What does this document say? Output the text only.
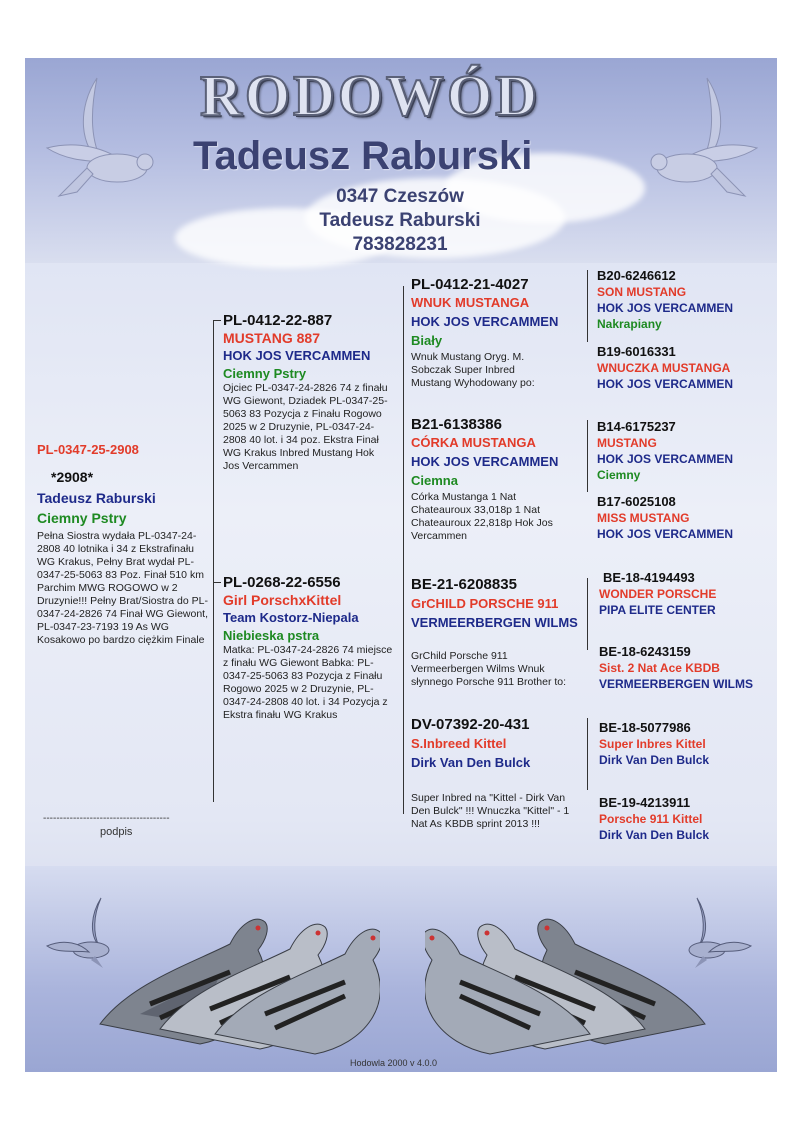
RODOWÓD
Tadeusz Raburski
0347 Czeszów
Tadeusz Raburski
783828231
PL-0347-25-2908
*2908*
Tadeusz Raburski
Ciemny Pstry
Pełna Siostra wydała PL-0347-24-2808 40 lotnika i 34 z Ekstrafinału WG Krakus, Pełny Brat wydał PL-0347-25-5063 83 Poz. Finał 510 km Parchim MWG ROGOWO w 2 Druzynie!!! Pełny Brat/Siostra do PL-0347-24-2826 74 Finał WG Giewont, PL-0347-23-7193 19 As WG Kosakowo po bardzo ciężkim Finale
--------------------------------------
podpis
PL-0412-22-887
MUSTANG 887
HOK JOS VERCAMMEN
Ciemny Pstry
Ojciec PL-0347-24-2826 74 z finału WG Giewont, Dziadek PL-0347-25-5063 83 Pozycja z Finału Rogowo 2025 w 2 Druzynie, PL-0347-24-2808 40 lot. i 34 poz. Ekstra Finał WG Krakus Inbred Mustang Hok Jos Vercammen
PL-0268-22-6556
Girl PorschxKittel
Team Kostorz-Niepala
Niebieska pstra
Matka: PL-0347-24-2826 74 miejsce z finału WG Giewont Babka: PL-0347-25-5063 83 Pozycja z Finału Rogowo 2025 w 2 Druzynie, PL-0347-24-2808 40 lot. i 34 Pozycja z Ekstra finału WG Krakus
PL-0412-21-4027
WNUK MUSTANGA
HOK JOS VERCAMMEN
Biały
Wnuk Mustang Oryg. M. Sobczak Super Inbred Mustang Wyhodowany po:
B21-6138386
CÓRKA MUSTANGA
HOK JOS VERCAMMEN
Ciemna
Córka Mustanga 1 Nat Chateauroux 33,018p 1 Nat Chateauroux 22,818p Hok Jos Vercammen
BE-21-6208835
GrCHILD PORSCHE 911
VERMEERBERGEN WILMS
GrChild Porsche 911 Vermeerbergen Wilms Wnuk słynnego Porsche 911 Brother to:
DV-07392-20-431
S.Inbreed Kittel
Dirk Van Den Bulck
Super Inbred na "Kittel - Dirk Van Den Bulck" !!! Wnuczka "Kittel" - 1 Nat As KBDB sprint 2013 !!!
B20-6246612
SON MUSTANG
HOK JOS VERCAMMEN
Nakrapiany
B19-6016331
WNUCZKA MUSTANGA
HOK JOS VERCAMMEN
B14-6175237
MUSTANG
HOK JOS VERCAMMEN
Ciemny
B17-6025108
MISS MUSTANG
HOK JOS VERCAMMEN
BE-18-4194493
WONDER PORSCHE
PIPA ELITE CENTER
BE-18-6243159
Sist. 2 Nat Ace KBDB
VERMEERBERGEN WILMS
BE-18-5077986
Super Inbres Kittel
Dirk Van Den Bulck
BE-19-4213911
Porsche 911 Kittel
Dirk Van Den Bulck
Hodowla 2000 v 4.0.0
